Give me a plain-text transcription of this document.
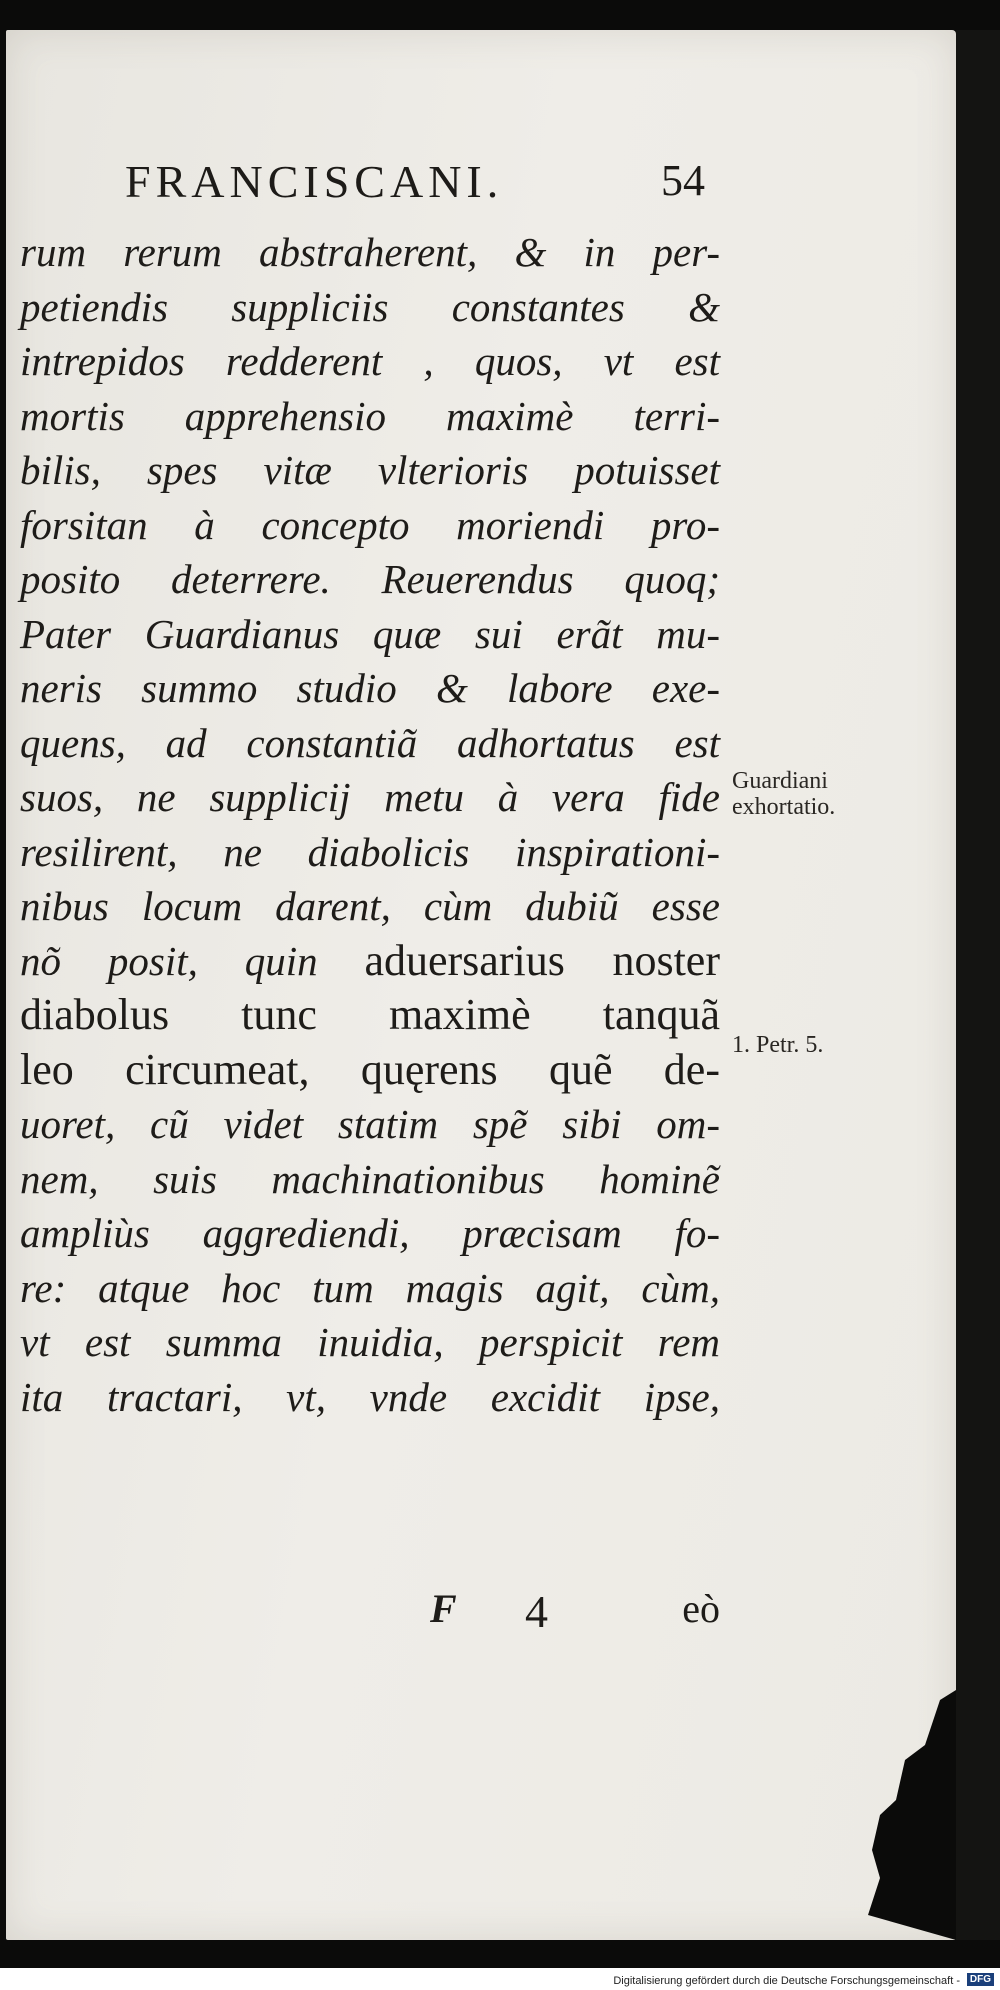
FRANCISCANI.	54
rum rerum abstraherent, & in per-
petiendis suppliciis constantes &
intrepidos redderent , quos, vt est
mortis apprehensio maximè terri-
bilis, spes vitæ vlterioris potuisset
forsitan à concepto moriendi pro-
posito deterrere. Reuerendus quoq;
Pater Guardianus quæ sui erãt mu-
neris summo studio & labore exe-
quens, ad constantiã adhortatus est
suos, ne supplicij metu à vera fide
resilirent, ne diabolicis inspirationi-
nibus locum darent, cùm dubiũ esse
nõ posit, quin aduersarius noster
diabolus tunc maximè tanquã
leo circumeat, quęrens quẽ de-
uoret, cũ videt statim spẽ sibi om-
nem, suis machinationibus hominẽ
ampliùs aggrediendi, præcisam fo-
re: atque hoc tum magis agit, cùm,
vt est summa inuidia, perspicit rem
ita tractari, vt, vnde excidit ipse,
Guardiani
exhortatio.
1. Petr. 5.
F 4	eò
Digitalisierung gefördert durch die Deutsche Forschungsgemeinschaft - DFG
